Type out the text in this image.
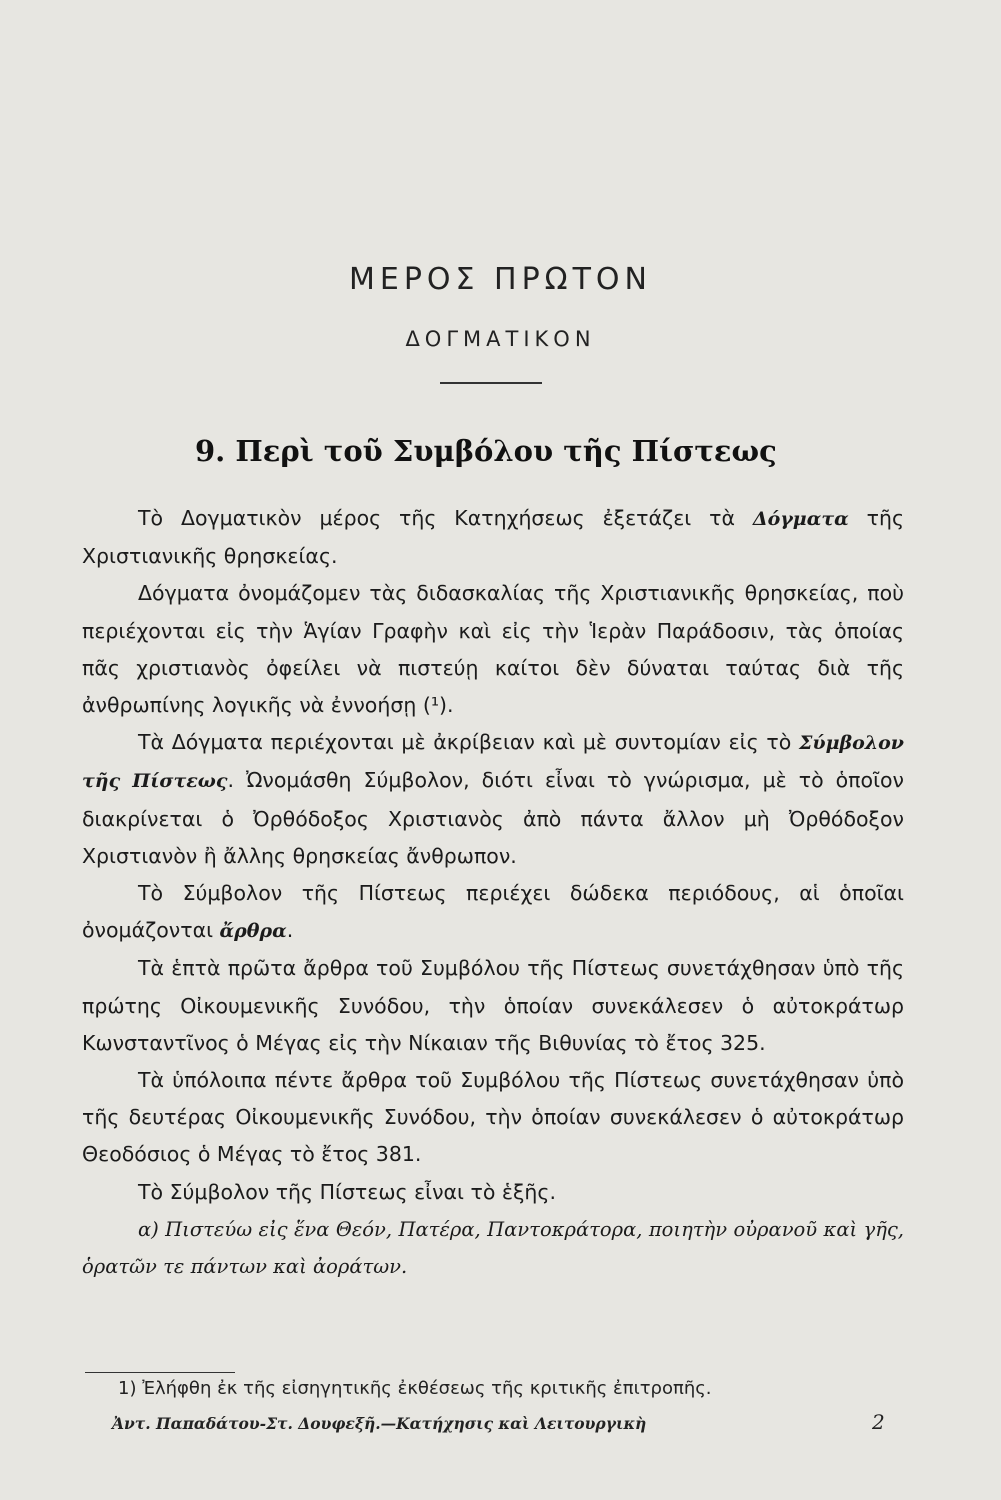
ΜΕΡΟΣ ΠΡΩΤΟΝ
ΔΟΓΜΑΤΙΚΟΝ
9. Περὶ τοῦ Συμβόλου τῆς Πίστεως

Τὸ Δογματικὸν μέρος τῆς Κατηχήσεως ἐξετάζει τὰ Δόγματα τῆς Χριστιανικῆς θρησκείας.

Δόγματα ὀνομάζομεν τὰς διδασκαλίας τῆς Χριστιανικῆς θρησκείας, ποὺ περιέχονται εἰς τὴν Ἁγίαν Γραφὴν καὶ εἰς τὴν Ἱερὰν Παράδοσιν, τὰς ὁποίας πᾶς χριστιανὸς ὀφείλει νὰ πιστεύῃ καίτοι δὲν δύναται ταύτας διὰ τῆς ἀνθρωπίνης λογικῆς νὰ ἐννοήσῃ (¹).

Τὰ Δόγματα περιέχονται μὲ ἀκρίβειαν καὶ μὲ συντομίαν εἰς τὸ Σύμβολον τῆς Πίστεως. Ὠνομάσθη Σύμβολον, διότι εἶναι τὸ γνώρισμα, μὲ τὸ ὁποῖον διακρίνεται ὁ Ὀρθόδοξος Χριστιανὸς ἀπὸ πάντα ἄλλον μὴ Ὀρθόδοξον Χριστιανὸν ἢ ἄλλης θρησκείας ἄνθρωπον.

Τὸ Σύμβολον τῆς Πίστεως περιέχει δώδεκα περιόδους, αἱ ὁποῖαι ὀνομάζονται ἄρθρα.

Τὰ ἑπτὰ πρῶτα ἄρθρα τοῦ Συμβόλου τῆς Πίστεως συνετάχθησαν ὑπὸ τῆς πρώτης Οἰκουμενικῆς Συνόδου, τὴν ὁποίαν συνεκάλεσεν ὁ αὐτοκράτωρ Κωνσταντῖνος ὁ Μέγας εἰς τὴν Νίκαιαν τῆς Βιθυνίας τὸ ἔτος 325.

Τὰ ὑπόλοιπα πέντε ἄρθρα τοῦ Συμβόλου τῆς Πίστεως συνετάχθησαν ὑπὸ τῆς δευτέρας Οἰκουμενικῆς Συνόδου, τὴν ὁποίαν συνεκάλεσεν ὁ αὐτοκράτωρ Θεοδόσιος ὁ Μέγας τὸ ἔτος 381.

Τὸ Σύμβολον τῆς Πίστεως εἶναι τὸ ἑξῆς.

α) Πιστεύω εἰς ἕνα Θεόν, Πατέρα, Παντοκράτορα, ποιητὴν οὐρανοῦ καὶ γῆς, ὁρατῶν τε πάντων καὶ ἀοράτων.

1) Ἐλήφθη ἐκ τῆς εἰσηγητικῆς ἐκθέσεως τῆς κριτικῆς ἐπιτροπῆς.
Ἀντ. Παπαδάτου-Στ. Δουφεξῆ.—Κατήχησις καὶ Λειτουργικὴ	2
